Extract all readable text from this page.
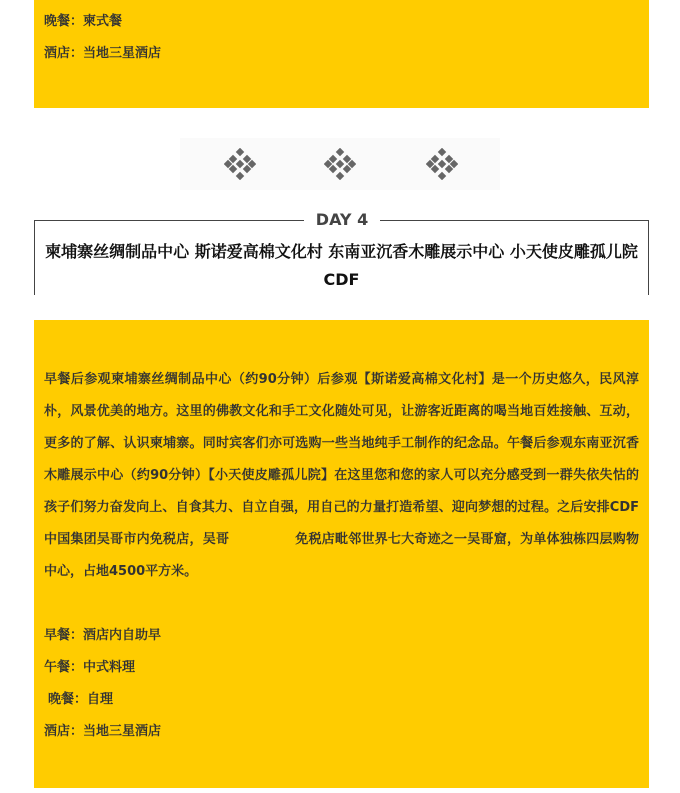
晚餐：柬式餐
酒店：当地三星酒店
DAY 4
柬埔寨丝绸制品中心 斯诺爱高棉文化村 东南亚沉香木雕展示中心 小天使皮雕孤儿院 CDF
早餐后参观柬埔寨丝绸制品中心（约90分钟）后参观【斯诺爱高棉文化村】是一个历史悠久，民风淳朴，风景优美的地方。这里的佛教文化和手工文化随处可见，让游客近距离的喝当地百姓接触、互动，更多的了解、认识柬埔寨。同时宾客们亦可选购一些当地纯手工制作的纪念品。午餐后参观东南亚沉香木雕展示中心（约90分钟）【小天使皮雕孤儿院】在这里您和您的家人可以充分感受到一群失依失怙的孩子们努力奋发向上、自食其力、自立自强，用自己的力量打造希望、迎向梦想的过程。之后安排CDF中国集团吴哥市内免税店，吴哥　　　　　免税店毗邻世界七大奇迹之一吴哥窟，为单体独栋四层购物中心，占地4500平方米。
早餐：酒店内自助早
午餐：中式料理
晚餐：自理
酒店：当地三星酒店
